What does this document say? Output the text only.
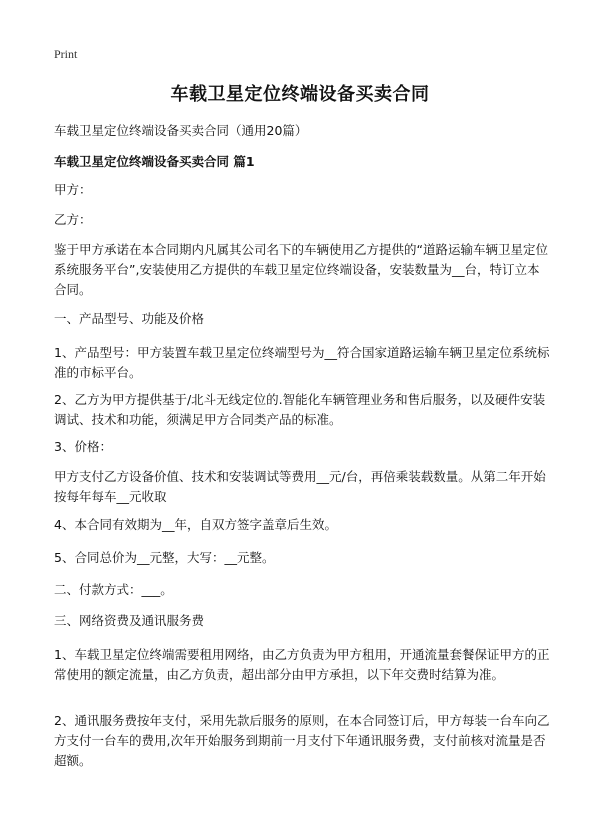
Print
车载卫星定位终端设备买卖合同
车载卫星定位终端设备买卖合同（通用20篇）
车载卫星定位终端设备买卖合同 篇1

甲方：

乙方：

鉴于甲方承诺在本合同期内凡属其公司名下的车辆使用乙方提供的“道路运输车辆卫星定位系统服务平台”,安装使用乙方提供的车载卫星定位终端设备，安装数量为__台，特订立本合同。

一、产品型号、功能及价格

1、产品型号：甲方装置车载卫星定位终端型号为__符合国家道路运输车辆卫星定位系统标准的市标平台。

2、乙方为甲方提供基于/北斗无线定位的.智能化车辆管理业务和售后服务，以及硬件安装调试、技术和功能，须满足甲方合同类产品的标准。

3、价格：

甲方支付乙方设备价值、技术和安装调试等费用__元/台，再倍乘装载数量。从第二年开始按每年每车__元收取

4、本合同有效期为__年，自双方签字盖章后生效。

5、合同总价为__元整，大写：__元整。

二、付款方式：___。

三、网络资费及通讯服务费

1、车载卫星定位终端需要租用网络，由乙方负责为甲方租用，开通流量套餐保证甲方的正常使用的额定流量，由乙方负责，超出部分由甲方承担，以下年交费时结算为准。

2、通讯服务费按年支付，采用先款后服务的原则，在本合同签订后，甲方每装一台车向乙方支付一台车的费用,次年开始服务到期前一月支付下年通讯服务费，支付前核对流量是否超额。
